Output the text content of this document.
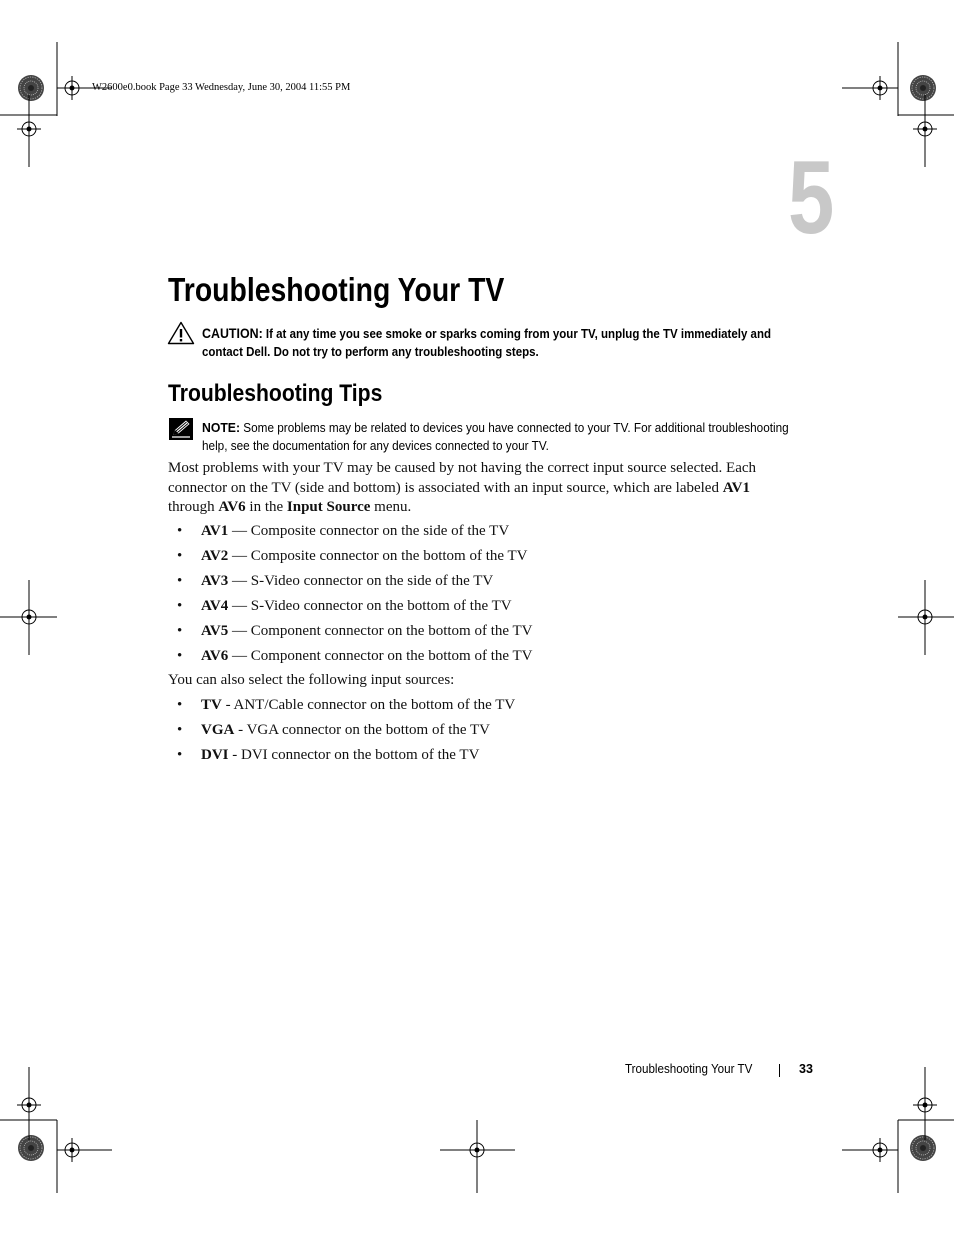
W2600e0.book Page 33 Wednesday, June 30, 2004 11:55 PM
5
Troubleshooting Your TV
CAUTION: If at any time you see smoke or sparks coming from your TV, unplug the TV immediately and contact Dell. Do not try to perform any troubleshooting steps.
Troubleshooting Tips
NOTE: Some problems may be related to devices you have connected to your TV. For additional troubleshooting help, see the documentation for any devices connected to your TV.

Most problems with your TV may be caused by not having the correct input source selected. Each connector on the TV (side and bottom) is associated with an input source, which are labeled AV1 through AV6 in the Input Source menu.

• AV1 — Composite connector on the side of the TV
• AV2 — Composite connector on the bottom of the TV
• AV3 — S-Video connector on the side of the TV
• AV4 — S-Video connector on the bottom of the TV
• AV5 — Component connector on the bottom of the TV
• AV6 — Component connector on the bottom of the TV

You can also select the following input sources:

• TV - ANT/Cable connector on the bottom of the TV
• VGA - VGA connector on the bottom of the TV
• DVI - DVI connector on the bottom of the TV
Troubleshooting Your TV	33
